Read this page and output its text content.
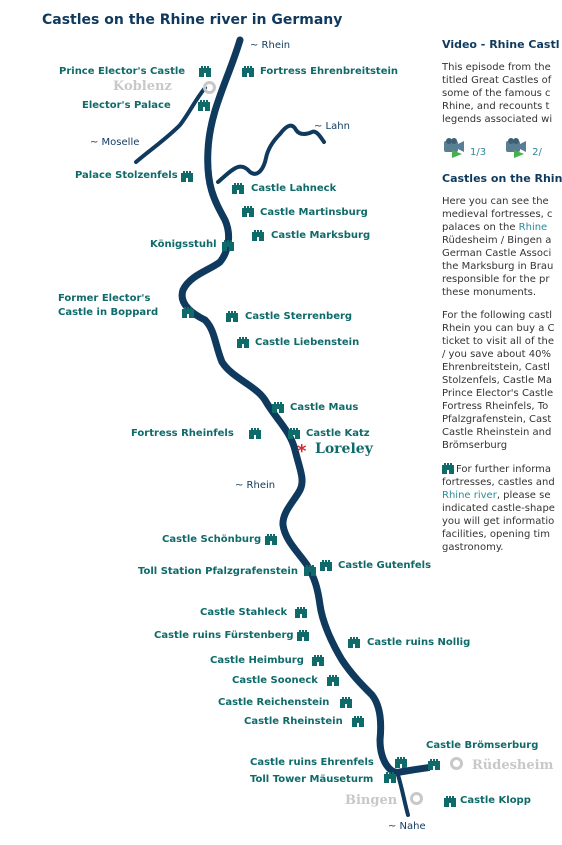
Castles on the Rhine river in Germany
~ Rhein
~ Lahn
~ Moselle
~ Rhein
~ Nahe
Koblenz
Rüdesheim
Bingen
* Loreley
Prince Elector's Castle	Fortress Ehrenbreitstein
Elector's Palace
Palace Stolzenfels
Castle Lahneck
Castle Martinsburg
Castle Marksburg
Königsstuhl
Former Elector's
Castle in Boppard	Castle Sterrenberg
Castle Liebenstein
Castle Maus
Fortress Rheinfels	Castle Katz
Castle Schönburg
Castle Gutenfels
Toll Station Pfalzgrafenstein
Castle Stahleck
Castle ruins Fürstenberg
Castle ruins Nollig
Castle Heimburg
Castle Sooneck
Castle Reichenstein
Castle Rheinstein
Castle ruins Ehrenfels
Castle Brömserburg
Toll Tower Mäuseturm
Castle Klopp
Video - Rhine Castl

This episode from the
titled Great Castles of
some of the famous c
Rhine, and recounts t
legends associated wi

1/3	2/
Castles on the Rhin

Here you can see the
medieval fortresses, c
palaces on the Rhine
Rüdesheim / Bingen a
German Castle Associ
the Marksburg in Brau
responsible for the pr
these monuments.

For the following castl
Rhein you can buy a C
ticket to visit all of the
/ you save about 40%
Ehrenbreitstein, Castl
Stolzenfels, Castle Ma
Prince Elector's Castle
Fortress Rheinfels, To
Pfalzgrafenstein, Cast
Castle Rheinstein and
Brömserburg

For further informa
fortresses, castles and
Rhine river, please se
indicated castle-shape
you will get informatio
facilities, opening tim
gastronomy.
